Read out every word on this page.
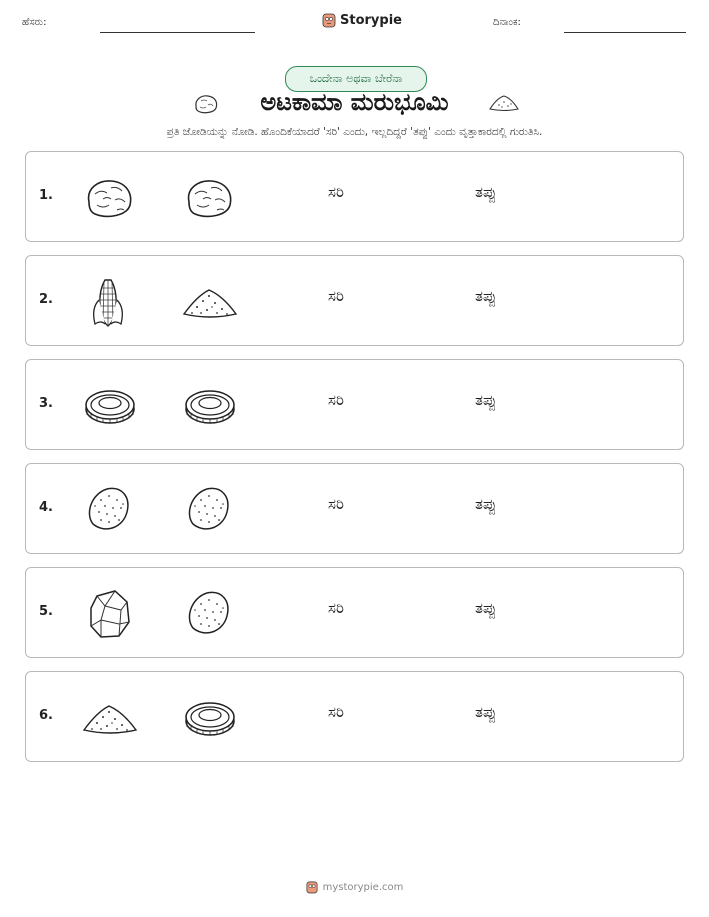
ಹೆಸರು:	Storypie	ದಿನಾಂಕ:
ಒಂದೇನಾ ಅಥವಾ ಬೇರೆನಾ
ಅಟಕಾಮಾ ಮರುಭೂಮಿ
ಪ್ರತಿ ಜೋಡಿಯನ್ನು ನೋಡಿ. ಹೊಂದಿಕೆಯಾದರೆ 'ಸರಿ' ಎಂದು, ಇಲ್ಲದಿದ್ದರೆ 'ತಪ್ಪು' ಎಂದು ವೃತ್ತಾಕಾರದಲ್ಲಿ ಗುರುತಿಸಿ.
1.	ಸರಿ	ತಪ್ಪು
2.	ಸರಿ	ತಪ್ಪು
3.	ಸರಿ	ತಪ್ಪು
4.	ಸರಿ	ತಪ್ಪು
5.	ಸರಿ	ತಪ್ಪು
6.	ಸರಿ	ತಪ್ಪು
mystorypie.com
